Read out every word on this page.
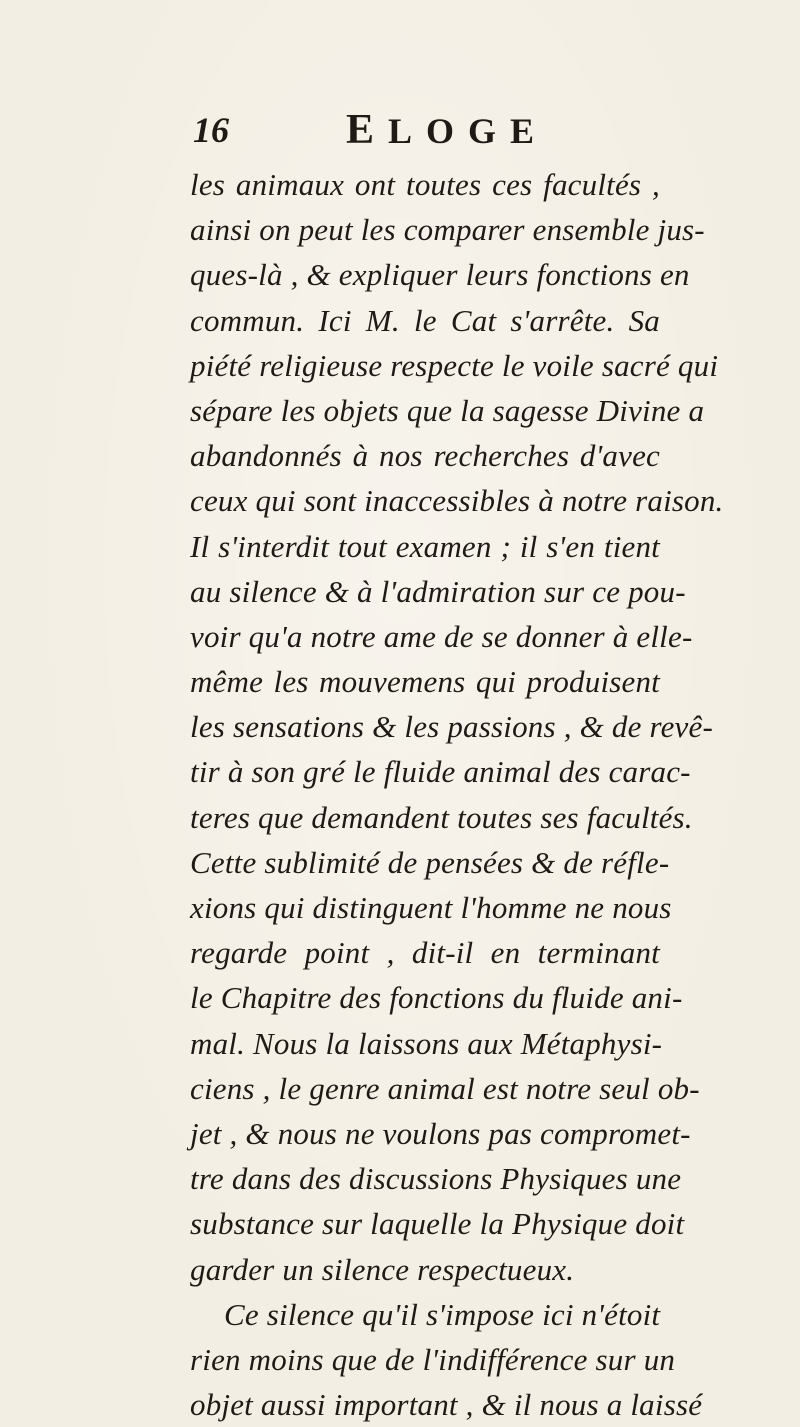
16	ELOGE
les animaux ont toutes ces facultés ,
ainsi on peut les comparer ensemble jus-
ques-là , & expliquer leurs fonctions en
commun. Ici M. le Cat s'arrête. Sa
piété religieuse respecte le voile sacré qui
sépare les objets que la sagesse Divine a
abandonnés à nos recherches d'avec
ceux qui sont inaccessibles à notre raison.
Il s'interdit tout examen ; il s'en tient
au silence & à l'admiration sur ce pou-
voir qu'a notre ame de se donner à elle-
même les mouvemens qui produisent
les sensations & les passions , & de revê-
tir à son gré le fluide animal des carac-
teres que demandent toutes ses facultés.
Cette sublimité de pensées & de réfle-
xions qui distinguent l'homme ne nous
regarde point , dit-il en terminant
le Chapitre des fonctions du fluide ani-
mal. Nous la laissons aux Métaphysi-
ciens , le genre animal est notre seul ob-
jet , & nous ne voulons pas compromet-
tre dans des discussions Physiques une
substance sur laquelle la Physique doit
garder un silence respectueux.
Ce silence qu'il s'impose ici n'étoit
rien moins que de l'indifférence sur un
objet aussi important , & il nous a laissé
